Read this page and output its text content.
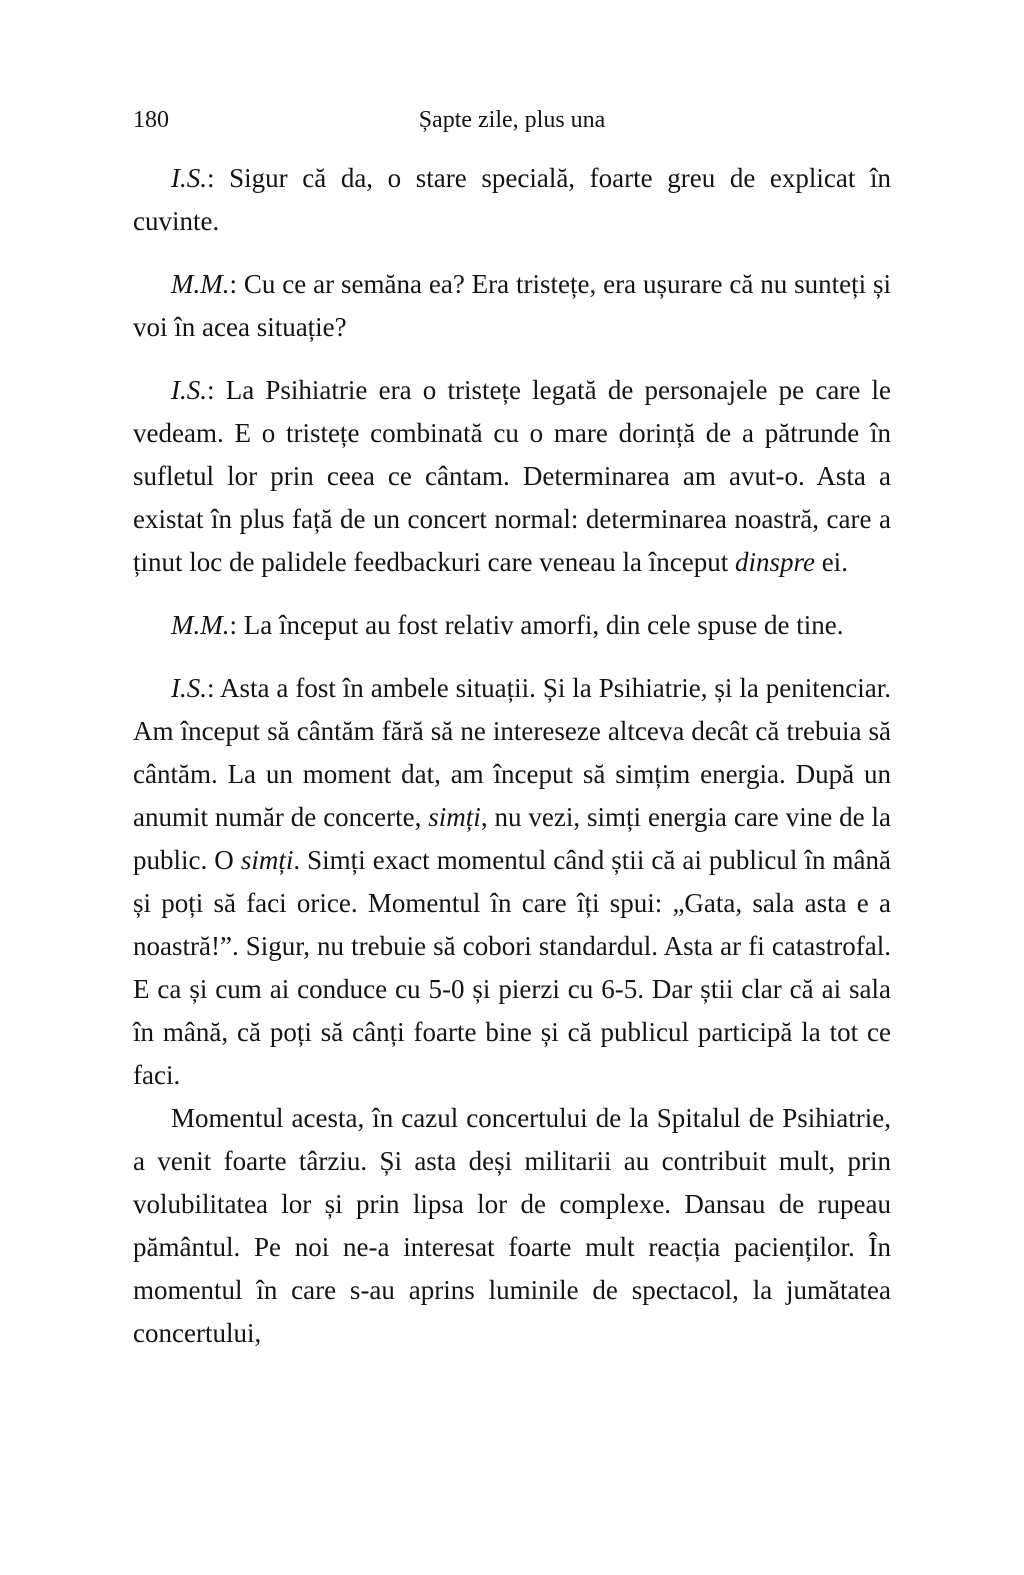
180	Șapte zile, plus una

I.S.: Sigur că da, o stare specială, foarte greu de explicat în cuvinte.

M.M.: Cu ce ar semăna ea? Era tristețe, era ușurare că nu sunteți și voi în acea situație?

I.S.: La Psihiatrie era o tristețe legată de personajele pe care le vedeam. E o tristețe combinată cu o mare dorință de a pătrunde în sufletul lor prin ceea ce cântam. Determinarea am avut-o. Asta a existat în plus față de un concert normal: determinarea noastră, care a ținut loc de palidele feedbackuri care veneau la început dinspre ei.

M.M.: La început au fost relativ amorfi, din cele spuse de tine.

I.S.: Asta a fost în ambele situații. Și la Psihiatrie, și la penitenciar. Am început să cântăm fără să ne intereseze altceva decât că trebuia să cântăm. La un moment dat, am început să simțim energia. După un anumit număr de concerte, simți, nu vezi, simți energia care vine de la public. O simți. Simți exact momentul când știi că ai publicul în mână și poți să faci orice. Momentul în care îți spui: „Gata, sala asta e a noastră!”. Sigur, nu trebuie să cobori standardul. Asta ar fi catastrofal. E ca și cum ai conduce cu 5-0 și pierzi cu 6-5. Dar știi clar că ai sala în mână, că poți să cânți foarte bine și că publicul participă la tot ce faci.

Momentul acesta, în cazul concertului de la Spitalul de Psihiatrie, a venit foarte târziu. Și asta deși militarii au contribuit mult, prin volubilitatea lor și prin lipsa lor de complexe. Dansau de rupeau pământul. Pe noi ne-a interesat foarte mult reacția pacienților. În momentul în care s-au aprins luminile de spectacol, la jumătatea concertului,
